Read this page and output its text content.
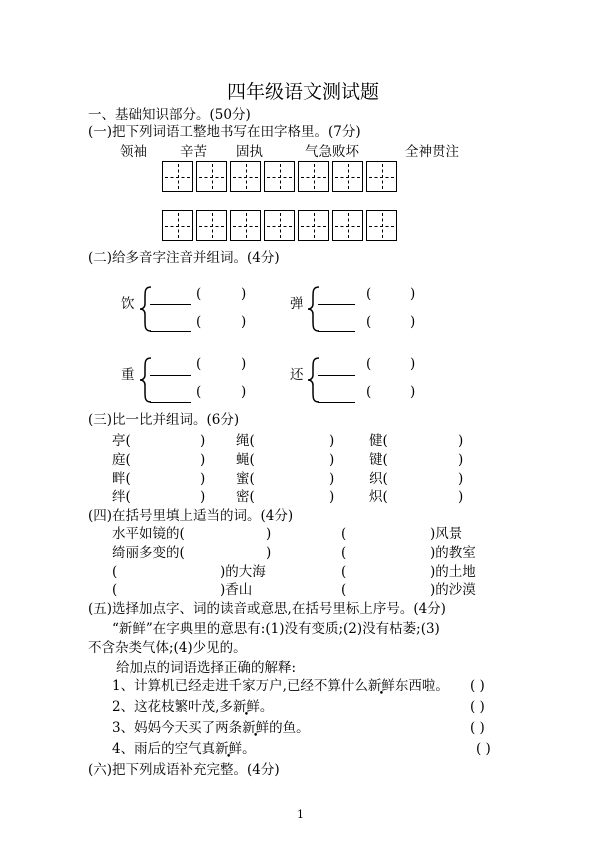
四年级语文测试题
一、基础知识部分。(50分)
(一)把下列词语工整地书写在田字格里。(7分)
领袖 辛苦 固执	气急败坏	全神贯注
(二)给多音字注音并组词。(4分)
饮
(	)
(	)
弹
(	)
(	)
重
(	)
(	)
还
(	)
(	)
(三)比一比并组词。(6分)
亭(	) 绳(	)	健(	)
庭(	) 蝇(	)	键(	)
畔(	) 蜜(	)	织(	)
绊(	) 密(	)	炽(	)
(四)在括号里填上适当的词。(4分)
水平如镜的(	)	(	)风景
绮丽多变的(	)	(	)的教室
(	)的大海	(	)的土地
(	)香山	(	)的沙漠
(五)选择加点字、词的读音或意思,在括号里标上序号。(4分)
“新鲜”在字典里的意思有:(1)没有变质;(2)没有枯萎;(3)
不含杂类气体;(4)少见的。
给加点的词语选择正确的解释:
1、计算机已经走进千家万户,已经不算什么新鲜东西啦。 ( )
2、这花枝繁叶茂,多新鲜。	( )
3、妈妈今天买了两条新鲜的鱼。	( )
4、雨后的空气真新鲜。	( )
(六)把下列成语补充完整。(4分)
1
